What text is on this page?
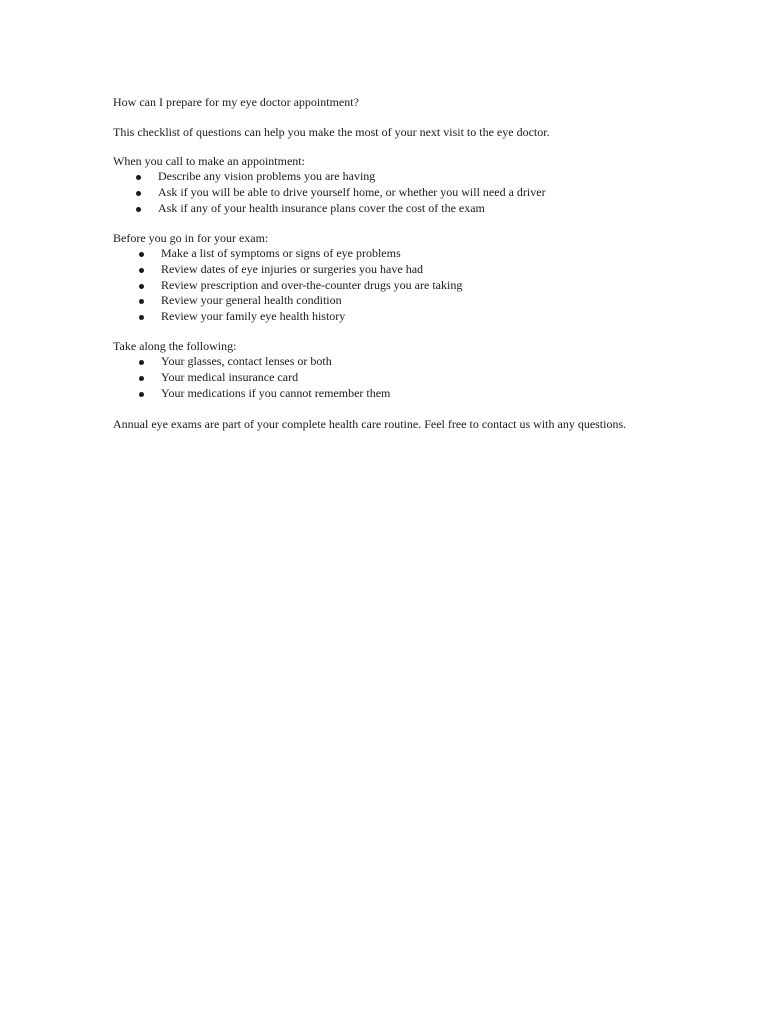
How can I prepare for my eye doctor appointment?

This checklist of questions can help you make the most of your next visit to the eye doctor.

When you call to make an appointment:

Describe any vision problems you are having
Ask if you will be able to drive yourself home, or whether you will need a driver
Ask if any of your health insurance plans cover the cost of the exam

Before you go in for your exam:

Make a list of symptoms or signs of eye problems
Review dates of eye injuries or surgeries you have had
Review prescription and over-the-counter drugs you are taking
Review your general health condition
Review your family eye health history

Take along the following:

Your glasses, contact lenses or both
Your medical insurance card
Your medications if you cannot remember them

Annual eye exams are part of your complete health care routine. Feel free to contact us with any questions.
